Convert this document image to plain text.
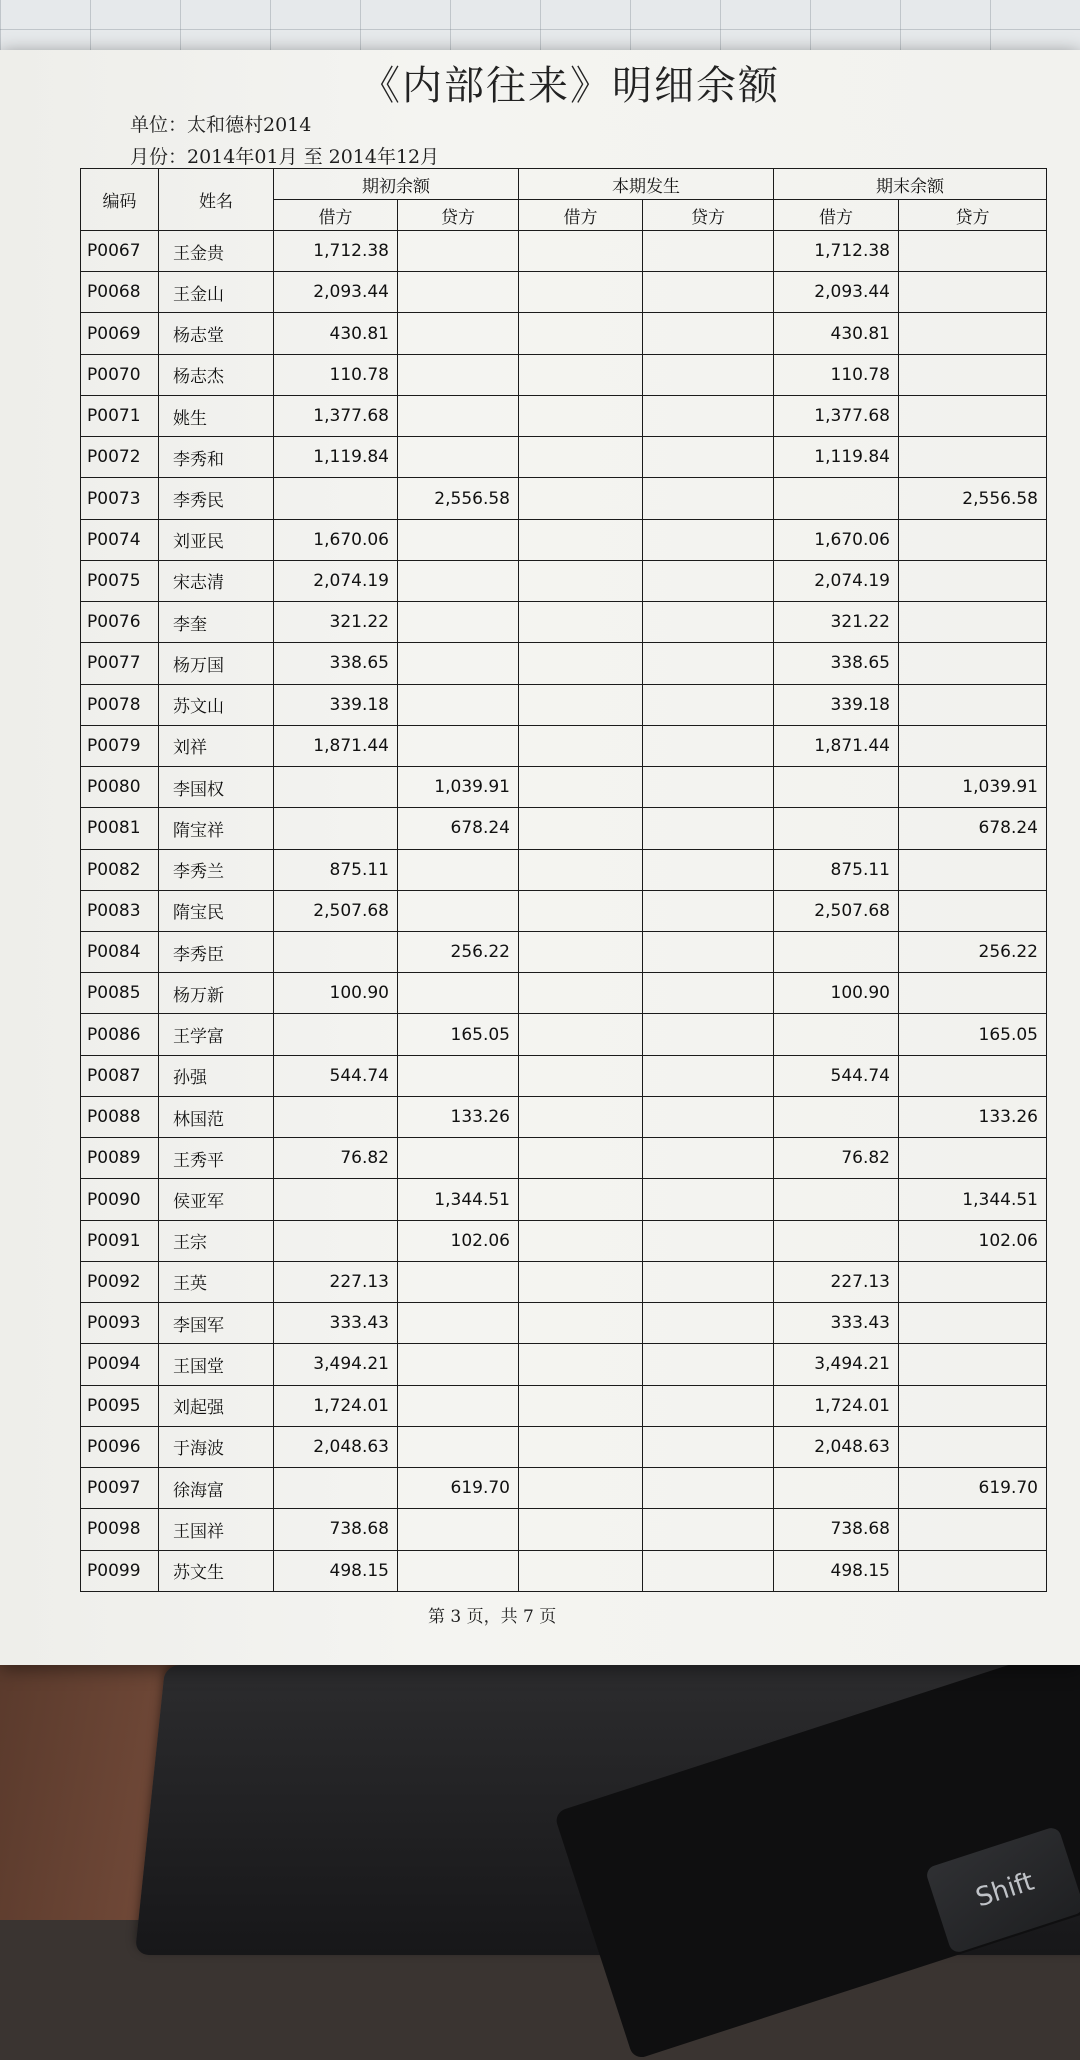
Shift
《内部往来》明细余额
单位：太和德村2014
月份：2014年01月 至 2014年12月
编码	姓名	期初余额		本期发生		期末余额	
		借方	贷方	借方	贷方	借方	贷方
P0067	王金贵	1,712.38				1,712.38	
P0068	王金山	2,093.44				2,093.44	
P0069	杨志堂	430.81				430.81	
P0070	杨志杰	110.78				110.78	
P0071	姚生	1,377.68				1,377.68	
P0072	李秀和	1,119.84				1,119.84	
P0073	李秀民		2,556.58				2,556.58
P0074	刘亚民	1,670.06				1,670.06	
P0075	宋志清	2,074.19				2,074.19	
P0076	李奎	321.22				321.22	
P0077	杨万国	338.65				338.65	
P0078	苏文山	339.18				339.18	
P0079	刘祥	1,871.44				1,871.44	
P0080	李国权		1,039.91				1,039.91
P0081	隋宝祥		678.24				678.24
P0082	李秀兰	875.11				875.11	
P0083	隋宝民	2,507.68				2,507.68	
P0084	李秀臣		256.22				256.22
P0085	杨万新	100.90				100.90	
P0086	王学富		165.05				165.05
P0087	孙强	544.74				544.74	
P0088	林国范		133.26				133.26
P0089	王秀平	76.82				76.82	
P0090	侯亚军		1,344.51				1,344.51
P0091	王宗		102.06				102.06
P0092	王英	227.13				227.13	
P0093	李国军	333.43				333.43	
P0094	王国堂	3,494.21				3,494.21	
P0095	刘起强	1,724.01				1,724.01	
P0096	于海波	2,048.63				2,048.63	
P0097	徐海富		619.70				619.70
P0098	王国祥	738.68				738.68	
P0099	苏文生	498.15				498.15	
第 3 页，共 7 页
